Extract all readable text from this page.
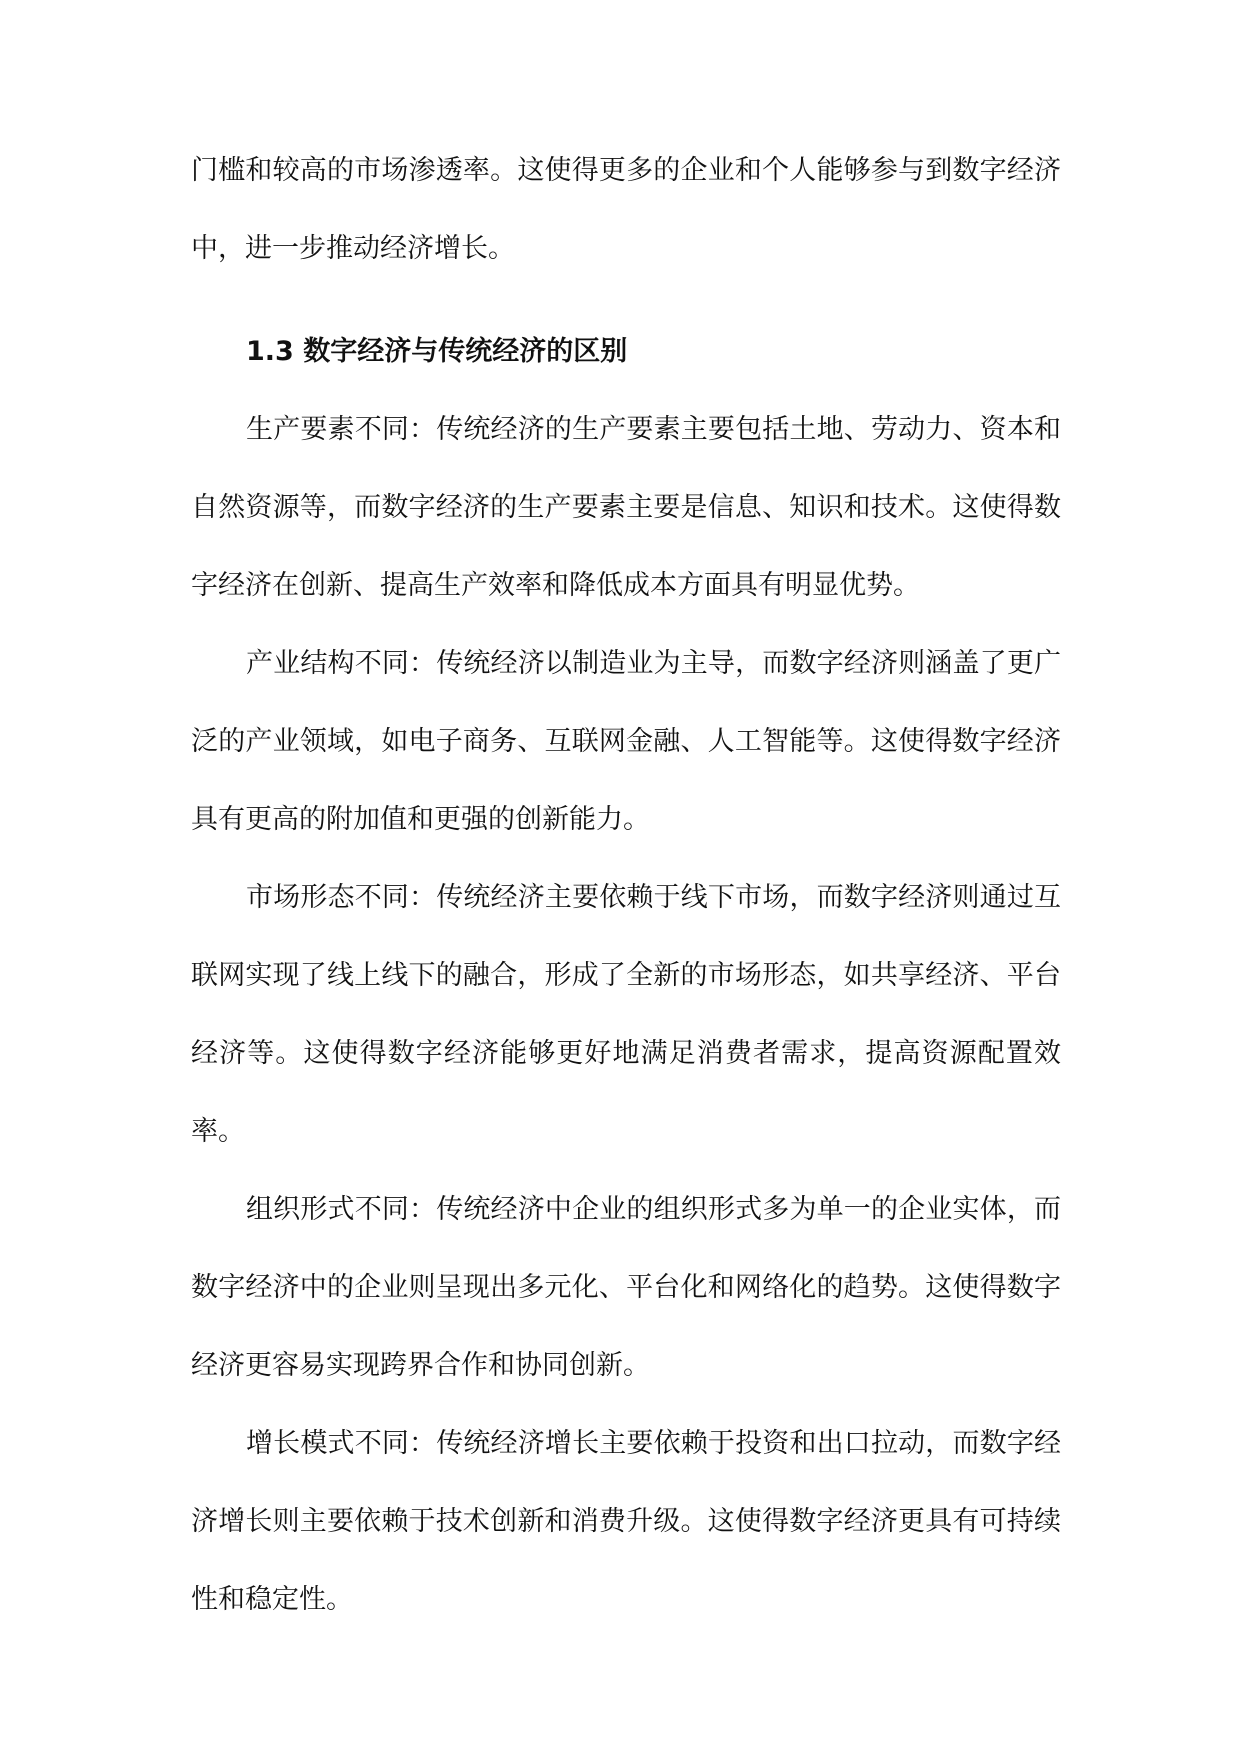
门槛和较高的市场渗透率。这使得更多的企业和个人能够参与到数字经济中，进一步推动经济增长。

1.3 数字经济与传统经济的区别

生产要素不同：传统经济的生产要素主要包括土地、劳动力、资本和自然资源等，而数字经济的生产要素主要是信息、知识和技术。这使得数字经济在创新、提高生产效率和降低成本方面具有明显优势。

产业结构不同：传统经济以制造业为主导，而数字经济则涵盖了更广泛的产业领域，如电子商务、互联网金融、人工智能等。这使得数字经济具有更高的附加值和更强的创新能力。

市场形态不同：传统经济主要依赖于线下市场，而数字经济则通过互联网实现了线上线下的融合，形成了全新的市场形态，如共享经济、平台经济等。这使得数字经济能够更好地满足消费者需求，提高资源配置效率。

组织形式不同：传统经济中企业的组织形式多为单一的企业实体，而数字经济中的企业则呈现出多元化、平台化和网络化的趋势。这使得数字经济更容易实现跨界合作和协同创新。

增长模式不同：传统经济增长主要依赖于投资和出口拉动，而数字经济增长则主要依赖于技术创新和消费升级。这使得数字经济更具有可持续性和稳定性。
